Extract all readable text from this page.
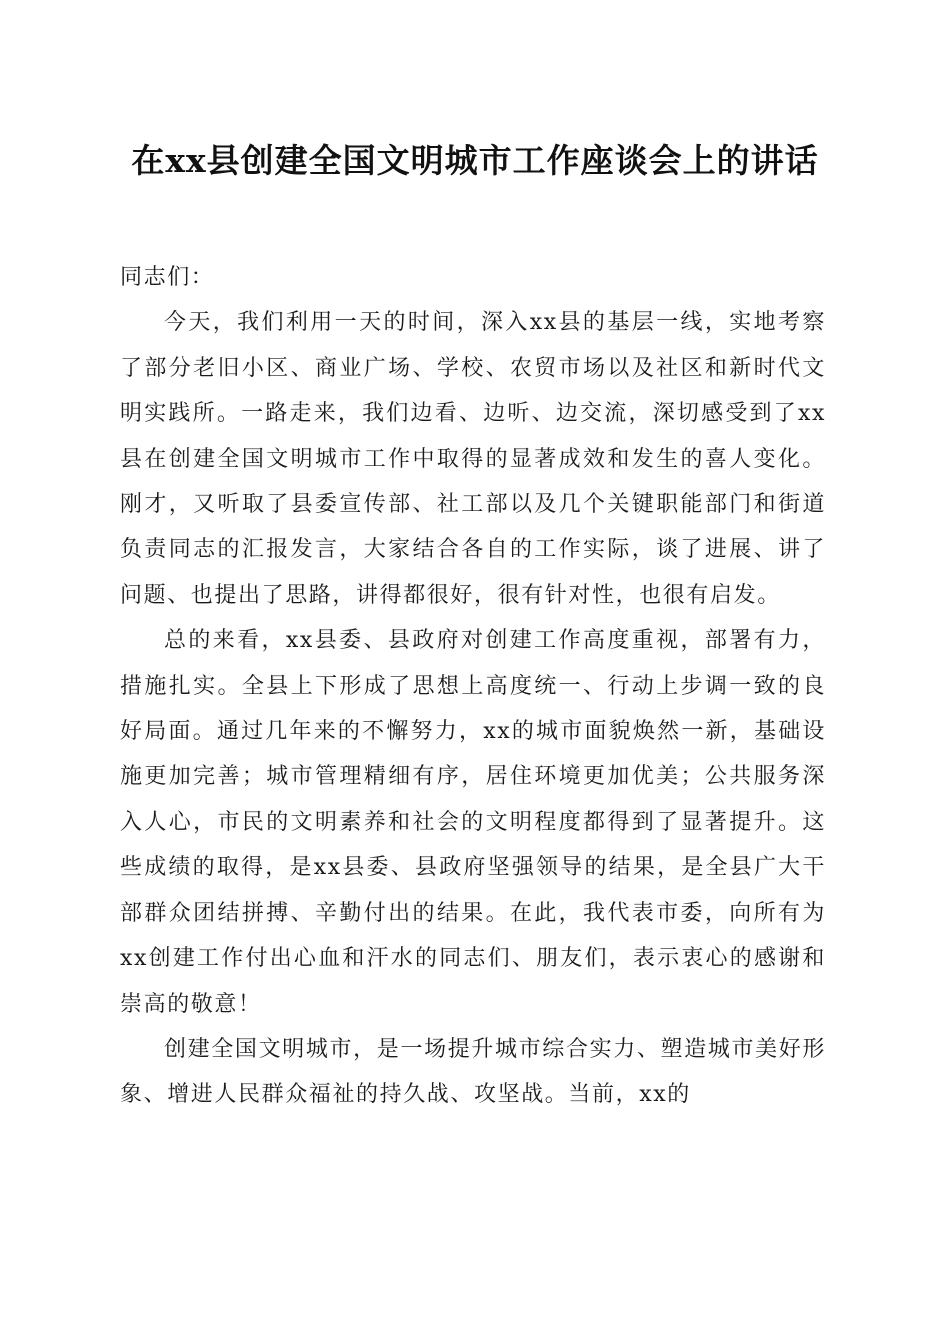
在xx县创建全国文明城市工作座谈会上的讲话

同志们：

今天，我们利用一天的时间，深入xx县的基层一线，实地考察了部分老旧小区、商业广场、学校、农贸市场以及社区和新时代文明实践所。一路走来，我们边看、边听、边交流，深切感受到了xx县在创建全国文明城市工作中取得的显著成效和发生的喜人变化。刚才，又听取了县委宣传部、社工部以及几个关键职能部门和街道负责同志的汇报发言，大家结合各自的工作实际，谈了进展、讲了问题、也提出了思路，讲得都很好，很有针对性，也很有启发。

总的来看，xx县委、县政府对创建工作高度重视，部署有力，措施扎实。全县上下形成了思想上高度统一、行动上步调一致的良好局面。通过几年来的不懈努力，xx的城市面貌焕然一新，基础设施更加完善；城市管理精细有序，居住环境更加优美；公共服务深入人心，市民的文明素养和社会的文明程度都得到了显著提升。这些成绩的取得，是xx县委、县政府坚强领导的结果，是全县广大干部群众团结拼搏、辛勤付出的结果。在此，我代表市委，向所有为xx创建工作付出心血和汗水的同志们、朋友们，表示衷心的感谢和崇高的敬意！

创建全国文明城市，是一场提升城市综合实力、塑造城市美好形象、增进人民群众福祉的持久战、攻坚战。当前，xx的
